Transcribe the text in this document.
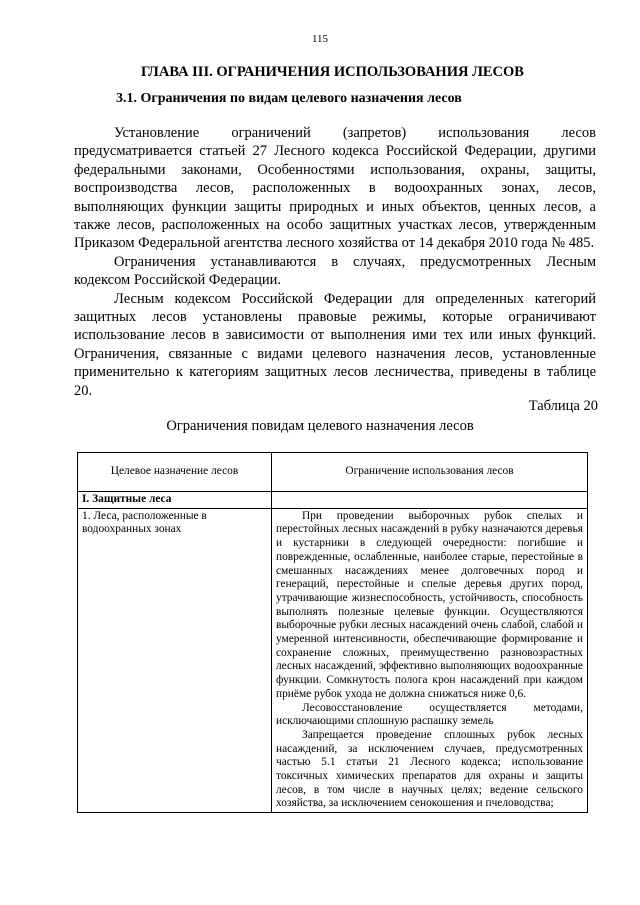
115
ГЛАВА III. ОГРАНИЧЕНИЯ ИСПОЛЬЗОВАНИЯ ЛЕСОВ
3.1. Ограничения по видам целевого назначения лесов

Установление ограничений (запретов) использования лесов предусматривается статьей 27 Лесного кодекса Российской Федерации, другими федеральными законами, Особенностями использования, охраны, защиты, воспроизводства лесов, расположенных в водоохранных зонах, лесов, выполняющих функции защиты природных и иных объектов, ценных лесов, а также лесов, расположенных на особо защитных участках лесов, утвержденным Приказом Федеральной агентства лесного хозяйства от 14 декабря 2010 года № 485.

Ограничения устанавливаются в случаях, предусмотренных Лесным кодексом Российской Федерации.

Лесным кодексом Российской Федерации для определенных категорий защитных лесов установлены правовые режимы, которые ограничивают использование лесов в зависимости от выполнения ими тех или иных функций. Ограничения, связанные с видами целевого назначения лесов, установленные применительно к категориям защитных лесов лесничества, приведены в таблице 20.

Таблица 20
Ограничения повидам целевого назначения лесов
Целевое назначение лесов	Ограничение использования лесов
I. Защитные леса	
1. Леса, расположенные в водоохранных зонах	При проведении выборочных рубок спелых и перестойных лесных насаждений в рубку назначаются деревья и кустарники в следующей очередности: погибшие и поврежденные, ослабленные, наиболее старые, перестойные в смешанных насаждениях менее долговечных пород и генераций, перестойные и спелые деревья других пород, утрачивающие жизнеспособность, устойчивость, способность выполнять полезные целевые функции. Осуществляются выборочные рубки лесных насаждений очень слабой, слабой и умеренной интенсивности, обеспечивающие формирование и сохранение сложных, преимущественно разновозрастных лесных насаждений, эффективно выполняющих водоохранные функции. Сомкнутость полога крон насаждений при каждом приёме рубок ухода не должна снижаться ниже 0,6.

Лесовосстановление осуществляется методами, исключающими сплошную распашку земель

Запрещается проведение сплошных рубок лесных насаждений, за исключением случаев, предусмотренных частью 5.1 статьи 21 Лесного кодекса; использование токсичных химических препаратов для охраны и защиты лесов, в том числе в научных целях; ведение сельского хозяйства, за исключением сенокошения и пчеловодства;
